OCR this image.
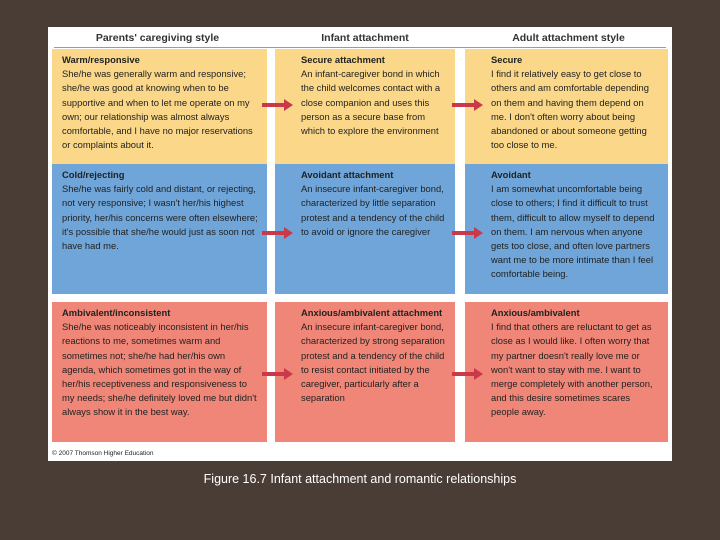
Parents' caregiving style	Infant attachment	Adult attachment style
Warm/responsive
She/he was generally warm and responsive; she/he was good at knowing when to be supportive and when to let me operate on my own; our relationship was almost always comfortable, and I have no major reservations or complaints about it.
Secure attachment
An infant-caregiver bond in which the child welcomes contact with a close companion and uses this person as a secure base from which to explore the environment
Secure
I find it relatively easy to get close to others and am comfortable depending on them and having them depend on me. I don't often worry about being abandoned or about someone getting too close to me.
Cold/rejecting
She/he was fairly cold and distant, or rejecting, not very responsive; I wasn't her/his highest priority, her/his concerns were often elsewhere; it's possible that she/he would just as soon not have had me.
Avoidant attachment
An insecure infant-caregiver bond, characterized by little separation protest and a tendency of the child to avoid or ignore the caregiver
Avoidant
I am somewhat uncomfortable being close to others; I find it difficult to trust them, difficult to allow myself to depend on them. I am nervous when anyone gets too close, and often love partners want me to be more intimate than I feel comfortable being.
Ambivalent/inconsistent
She/he was noticeably inconsistent in her/his reactions to me, sometimes warm and sometimes not; she/he had her/his own agenda, which sometimes got in the way of her/his receptiveness and responsiveness to my needs; she/he definitely loved me but didn't always show it in the best way.
Anxious/ambivalent attachment
An insecure infant-caregiver bond, characterized by strong separation protest and a tendency of the child to resist contact initiated by the caregiver, particularly after a separation
Anxious/ambivalent
I find that others are reluctant to get as close as I would like. I often worry that my partner doesn't really love me or won't want to stay with me. I want to merge completely with another person, and this desire sometimes scares people away.
© 2007 Thomson Higher Education
Figure 16.7 Infant attachment and romantic relationships
